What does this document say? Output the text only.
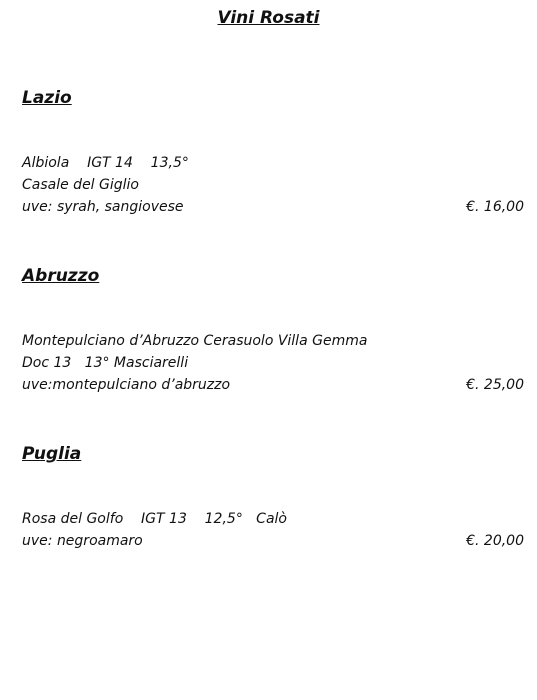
Vini Rosati
Lazio
Albiola    IGT 14    13,5°
Casale del Giglio
uve: syrah, sangiovese	€. 16,00
Abruzzo
Montepulciano d’Abruzzo Cerasuolo Villa Gemma
Doc 13   13° Masciarelli
uve:montepulciano d’abruzzo	€. 25,00
Puglia
Rosa del Golfo    IGT 13    12,5°   Calò
uve: negroamaro	€. 20,00
